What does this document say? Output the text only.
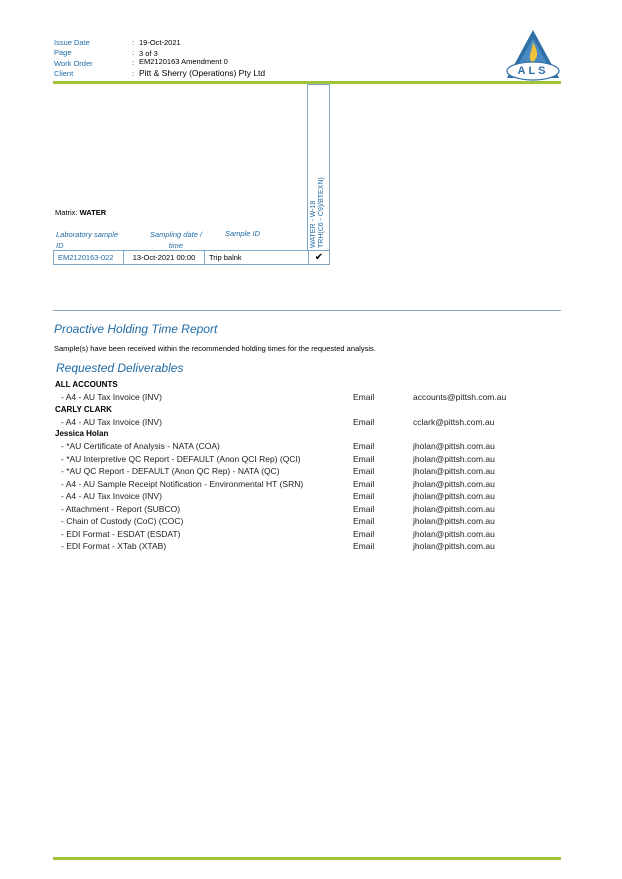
Issue Date	: 19-Oct-2021
Page	: 3 of 3
Work Order	: EM2120163 Amendment 0
Client	: Pitt & Sherry (Operations) Pty Ltd	ALS
WATER - W-18 TRH(C6 - C9)/BTEXN)
Matrix: WATER
Laboratory sample ID
Sampling date / time
Sample ID
EM2120163-022	13-Oct-2021 00:00	Trip balnk	✔
Proactive Holding Time Report
Sample(s) have been received within the recommended holding times for the requested analysis.
Requested Deliverables
ALL ACCOUNTS
- A4 - AU Tax Invoice (INV)	Email	accounts@pittsh.com.au
CARLY CLARK
- A4 - AU Tax Invoice (INV)	Email	cclark@pittsh.com.au
Jessica Holan
- *AU Certificate of Analysis - NATA (COA)	Email	jholan@pittsh.com.au
- *AU Interpretive QC Report - DEFAULT (Anon QCI Rep) (QCI)	Email	jholan@pittsh.com.au
- *AU QC Report - DEFAULT (Anon QC Rep) - NATA (QC)	Email	jholan@pittsh.com.au
- A4 - AU Sample Receipt Notification - Environmental HT (SRN)	Email	jholan@pittsh.com.au
- A4 - AU Tax Invoice (INV)	Email	jholan@pittsh.com.au
- Attachment - Report (SUBCO)	Email	jholan@pittsh.com.au
- Chain of Custody (CoC) (COC)	Email	jholan@pittsh.com.au
- EDI Format - ESDAT (ESDAT)	Email	jholan@pittsh.com.au
- EDI Format - XTab (XTAB)	Email	jholan@pittsh.com.au
